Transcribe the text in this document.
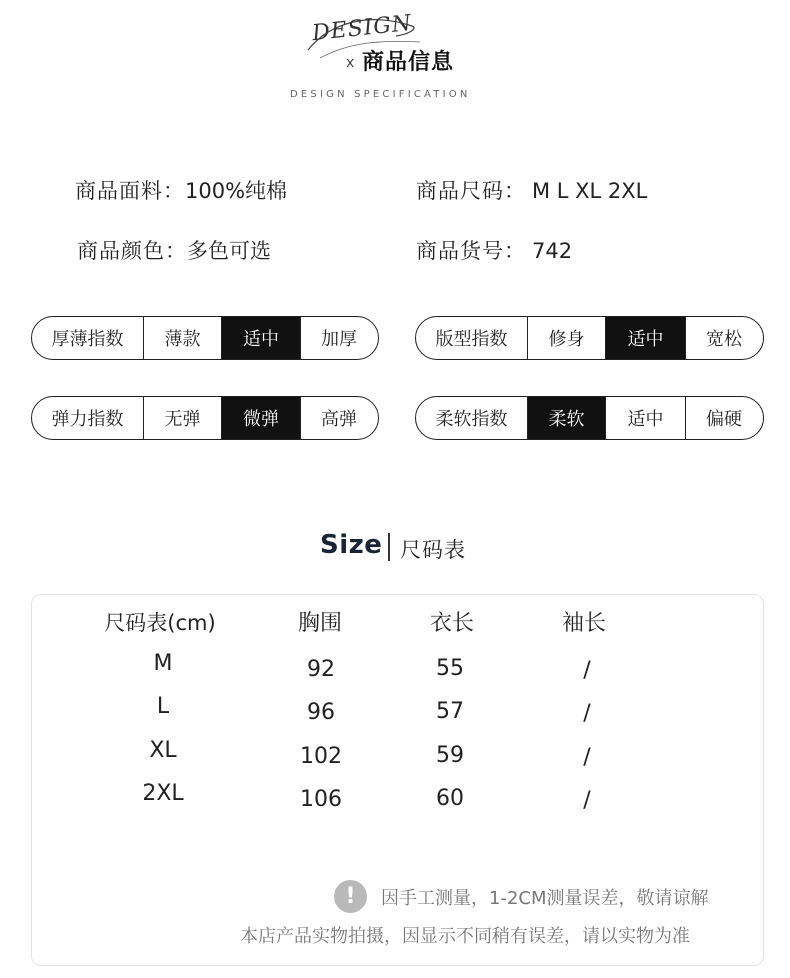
DESIGN
x 商品信息
DESIGN SPECIFICATION
商品面料：100%纯棉	商品尺码： M L XL 2XL
商品颜色：多色可选	商品货号： 742
厚薄指数	薄款	适中	加厚	版型指数	修身	适中	宽松
弹力指数	无弹	微弹	高弹	柔软指数	柔软	适中	偏硬
Size 尺码表
尺码表(cm)	胸围	衣长	袖长
M	92	55	/
L	96	57	/
XL	102	59	/
2XL	106	60	/
!	因手工测量，1-2CM测量误差，敬请谅解
本店产品实物拍摄，因显示不同稍有误差，请以实物为准
